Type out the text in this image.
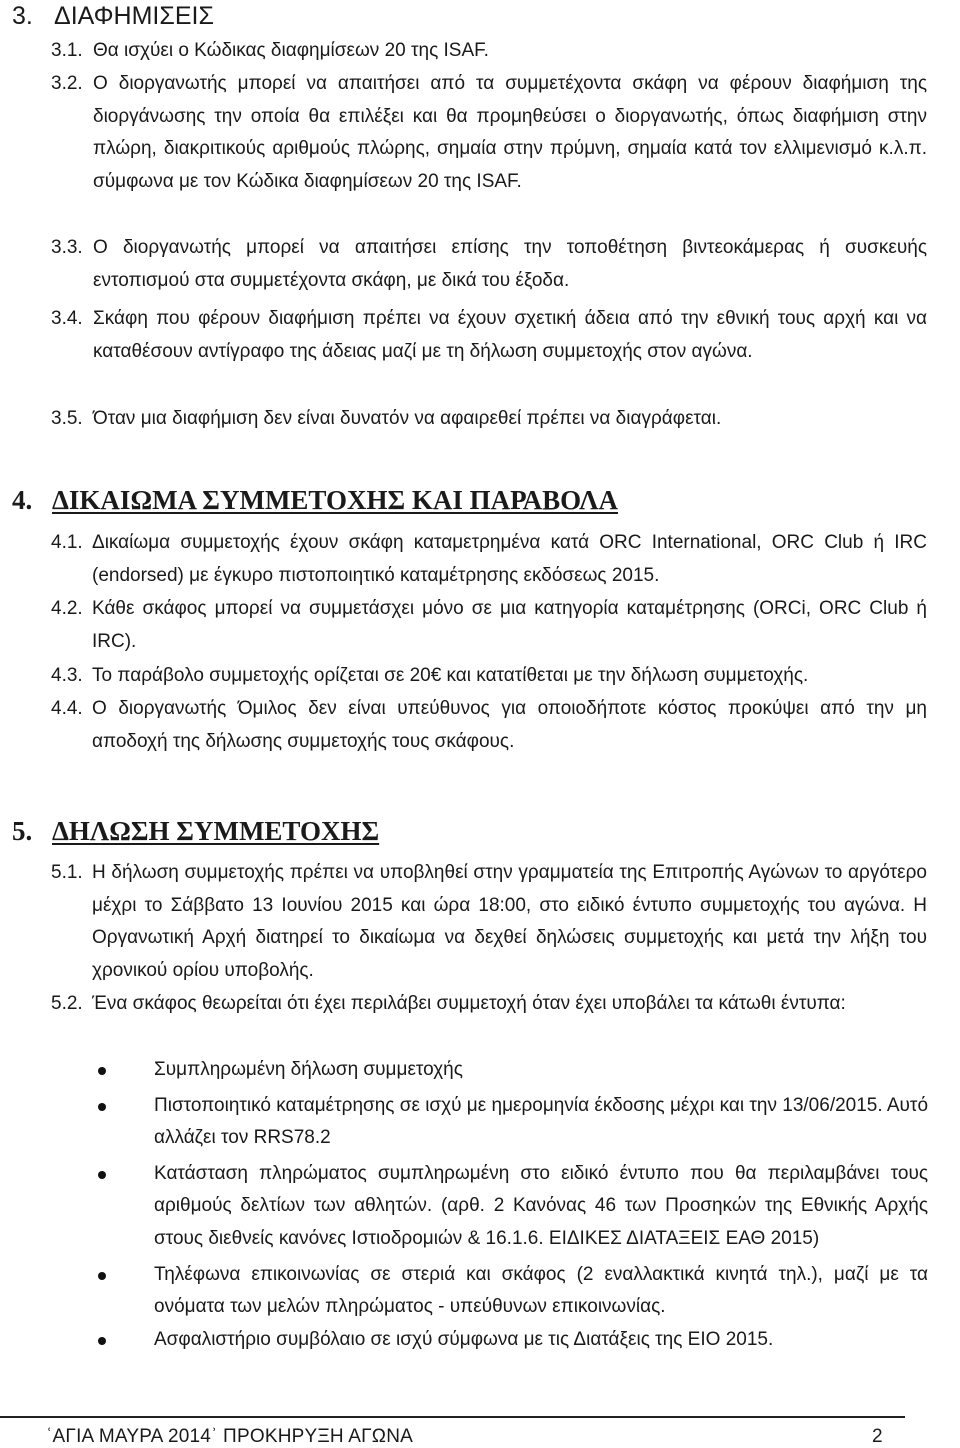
3. ΔΙΑΦΗΜΙΣΕΙΣ

3.1. Θα ισχύει ο Κώδικας διαφημίσεων 20 της ISAF.

3.2. Ο διοργανωτής μπορεί να απαιτήσει από τα συμμετέχοντα σκάφη να φέρουν διαφήμιση της διοργάνωσης την οποία θα επιλέξει και θα προμηθεύσει ο διοργανωτής, όπως διαφήμιση στην πλώρη, διακριτικούς αριθμούς πλώρης, σημαία στην πρύμνη, σημαία κατά τον ελλιμενισμό κ.λ.π. σύμφωνα με τον Κώδικα διαφημίσεων 20 της ISAF.

3.3. Ο διοργανωτής μπορεί να απαιτήσει επίσης την τοποθέτηση βιντεοκάμερας ή συσκευής εντοπισμού στα συμμετέχοντα σκάφη, με δικά του έξοδα.

3.4. Σκάφη που φέρουν διαφήμιση πρέπει να έχουν σχετική άδεια από την εθνική τους αρχή και να καταθέσουν αντίγραφο της άδειας μαζί με τη δήλωση συμμετοχής στον αγώνα.

3.5. Όταν μια διαφήμιση δεν είναι δυνατόν να αφαιρεθεί πρέπει να διαγράφεται.

4. ΔΙΚΑΙΩΜΑ ΣΥΜΜΕΤΟΧΗΣ ΚΑΙ ΠΑΡΑΒΟΛΑ

4.1. Δικαίωμα συμμετοχής έχουν σκάφη καταμετρημένα κατά ORC International, ORC Club ή IRC (endorsed) με έγκυρο πιστοποιητικό καταμέτρησης εκδόσεως 2015.

4.2. Κάθε σκάφος μπορεί να συμμετάσχει μόνο σε μια κατηγορία καταμέτρησης (ORCi, ORC Club ή IRC).

4.3. Το παράβολο συμμετοχής ορίζεται σε 20€ και κατατίθεται με την δήλωση συμμετοχής.

4.4. Ο διοργανωτής Όμιλος δεν είναι υπεύθυνος για οποιοδήποτε κόστος προκύψει από την μη αποδοχή της δήλωσης συμμετοχής τους σκάφους.

5. ΔΗΛΩΣΗ ΣΥΜΜΕΤΟΧΗΣ

5.1. Η δήλωση συμμετοχής πρέπει να υποβληθεί στην γραμματεία της Επιτροπής Αγώνων το αργότερο μέχρι το Σάββατο 13 Ιουνίου 2015 και ώρα 18:00, στο ειδικό έντυπο συμμετοχής του αγώνα. Η Οργανωτική Αρχή διατηρεί το δικαίωμα να δεχθεί δηλώσεις συμμετοχής και μετά την λήξη του χρονικού ορίου υποβολής.

5.2. Ένα σκάφος θεωρείται ότι έχει περιλάβει συμμετοχή όταν έχει υποβάλει τα κάτωθι έντυπα:

Συμπληρωμένη δήλωση συμμετοχής
Πιστοποιητικό καταμέτρησης σε ισχύ με ημερομηνία έκδοσης μέχρι και την 13/06/2015. Αυτό αλλάζει τον RRS78.2
Κατάσταση πληρώματος συμπληρωμένη στο ειδικό έντυπο που θα περιλαμβάνει τους αριθμούς δελτίων των αθλητών. (αρθ. 2 Κανόνας 46 των Προσηκών της Εθνικής Αρχής στους διεθνείς κανόνες Ιστιοδρομιών & 16.1.6. ΕΙΔΙΚΕΣ ΔΙΑΤΑΞΕΙΣ ΕΑΘ 2015)
Τηλέφωνα επικοινωνίας σε στεριά και σκάφος (2 εναλλακτικά κινητά τηλ.), μαζί με τα ονόματα των μελών πληρώματος - υπεύθυνων επικοινωνίας.
Ασφαλιστήριο συμβόλαιο σε ισχύ σύμφωνα με τις Διατάξεις της ΕΙΟ 2015.
ʿΑΓΙΑ ΜΑΥΡΑ 2014ʾ ΠΡΟΚΗΡΥΞΗ ΑΓΩΝΑ	2
